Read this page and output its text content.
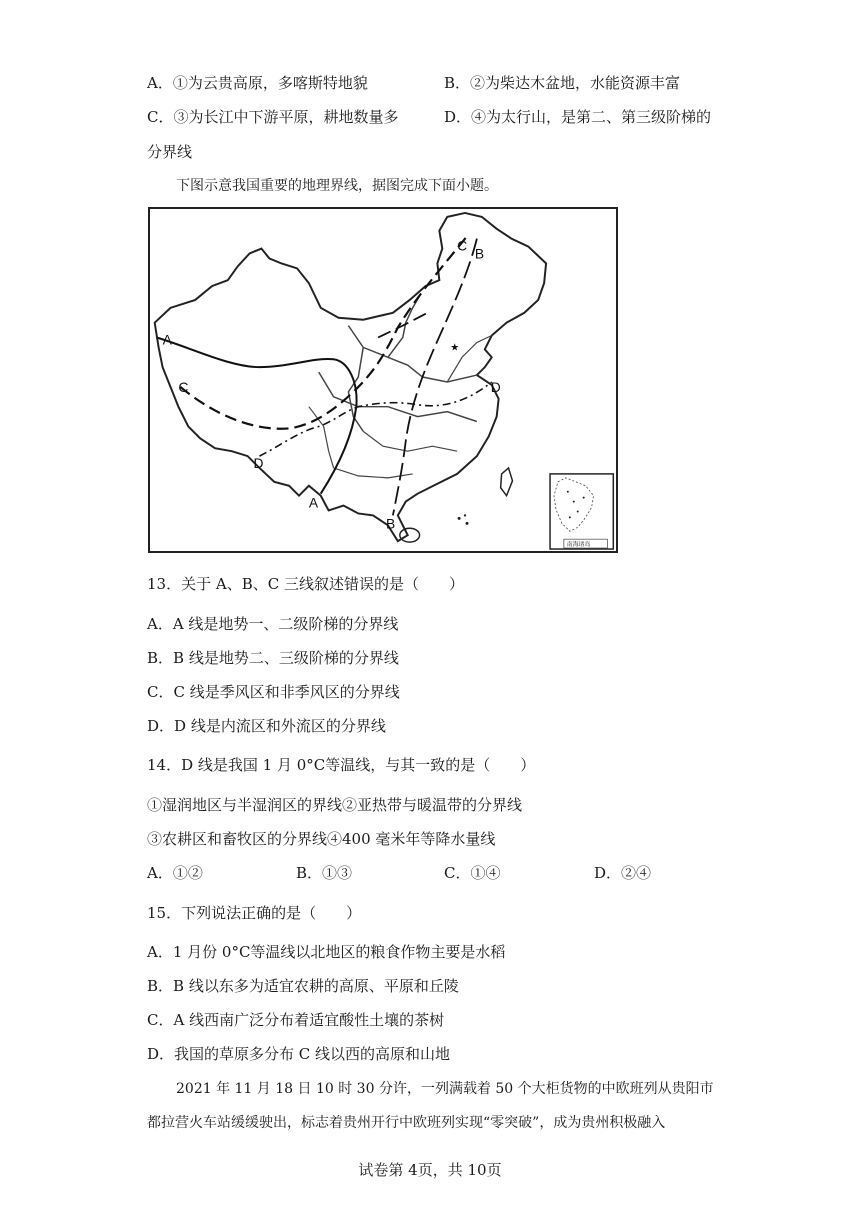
A．①为云贵高原，多喀斯特地貌	B．②为柴达木盆地，水能资源丰富
C．③为长江中下游平原，耕地数量多	D．④为太行山，是第二、第三级阶梯的
分界线
下图示意我国重要的地理界线，据图完成下面小题。
A
C
D
A
B
C B
D
★
南海诸岛
13．关于 A、B、C 三线叙述错误的是（　　）
A．A 线是地势一、二级阶梯的分界线
B．B 线是地势二、三级阶梯的分界线
C．C 线是季风区和非季风区的分界线
D．D 线是内流区和外流区的分界线
14．D 线是我国 1 月 0°C等温线，与其一致的是（　　）
①湿润地区与半湿润区的界线②亚热带与暖温带的分界线
③农耕区和畜牧区的分界线④400 毫米年等降水量线
A．①②	B．①③	C．①④	D．②④
15．下列说法正确的是（　　）
A．1 月份 0°C等温线以北地区的粮食作物主要是水稻
B．B 线以东多为适宜农耕的高原、平原和丘陵
C．A 线西南广泛分布着适宜酸性土壤的茶树
D．我国的草原多分布 C 线以西的高原和山地
2021 年 11 月 18 日 10 时 30 分许，一列满载着 50 个大柜货物的中欧班列从贵阳市
都拉营火车站缓缓驶出，标志着贵州开行中欧班列实现“零突破”，成为贵州积极融入
试卷第 4页，共 10页
